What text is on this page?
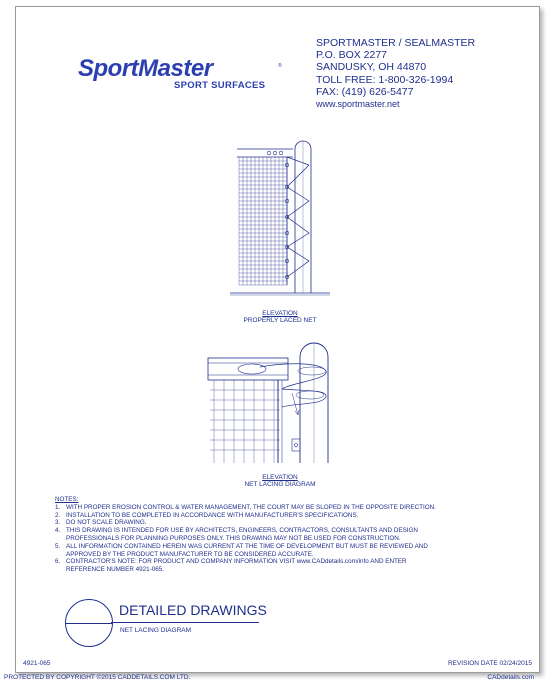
SportMaster	®
SPORT SURFACES
SPORTMASTER / SEALMASTER
P.O. BOX 2277
SANDUSKY, OH 44870
TOLL FREE: 1-800-326-1994
FAX: (419) 626-5477
www.sportmaster.net
ELEVATION
PROPERLY LACED NET
ELEVATION
NET LACING DIAGRAM
NOTES:
1. WITH PROPER EROSION CONTROL & WATER MANAGEMENT, THE COURT MAY BE SLOPED IN THE OPPOSITE DIRECTION.
2. INSTALLATION TO BE COMPLETED IN ACCORDANCE WITH MANUFACTURER'S SPECIFICATIONS.
3. DO NOT SCALE DRAWING.
4. THIS DRAWING IS INTENDED FOR USE BY ARCHITECTS, ENGINEERS, CONTRACTORS, CONSULTANTS AND DESIGN
PROFESSIONALS FOR PLANNING PURPOSES ONLY. THIS DRAWING MAY NOT BE USED FOR CONSTRUCTION.
5. ALL INFORMATION CONTAINED HEREIN WAS CURRENT AT THE TIME OF DEVELOPMENT BUT MUST BE REVIEWED AND
APPROVED BY THE PRODUCT MANUFACTURER TO BE CONSIDERED ACCURATE.
6. CONTRACTOR'S NOTE: FOR PRODUCT AND COMPANY INFORMATION VISIT www.CADdetails.com/info AND ENTER
REFERENCE NUMBER 4921-065.
DETAILED DRAWINGS
NET LACING DIAGRAM
4921-065	REVISION DATE 02/24/2015
PROTECTED BY COPYRIGHT ©2015 CADDETAILS.COM LTD.	CADdetails.com
